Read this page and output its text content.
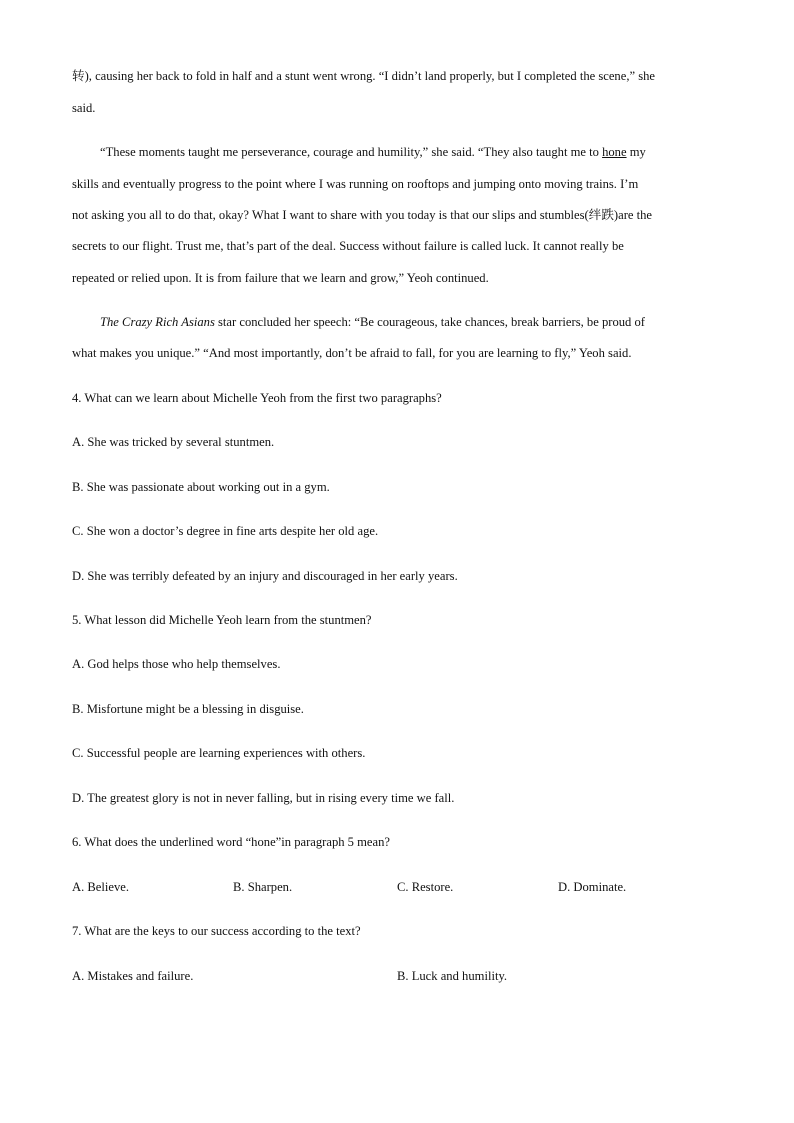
转), causing her back to fold in half and a stunt went wrong. “I didn’t land properly, but I completed the scene,” she
said.
“These moments taught me perseverance, courage and humility,” she said. “They also taught me to hone my
skills and eventually progress to the point where I was running on rooftops and jumping onto moving trains. I’m
not asking you all to do that, okay? What I want to share with you today is that our slips and stumbles(绊跌)are the
secrets to our flight. Trust me, that’s part of the deal. Success without failure is called luck. It cannot really be
repeated or relied upon. It is from failure that we learn and grow,” Yeoh continued.
The Crazy Rich Asians star concluded her speech: “Be courageous, take chances, break barriers, be proud of
what makes you unique.” “And most importantly, don’t be afraid to fall, for you are learning to fly,” Yeoh said.
4. What can we learn about Michelle Yeoh from the first two paragraphs?
A. She was tricked by several stuntmen.
B. She was passionate about working out in a gym.
C. She won a doctor’s degree in fine arts despite her old age.
D. She was terribly defeated by an injury and discouraged in her early years.
5. What lesson did Michelle Yeoh learn from the stuntmen?
A. God helps those who help themselves.
B. Misfortune might be a blessing in disguise.
C. Successful people are learning experiences with others.
D. The greatest glory is not in never falling, but in rising every time we fall.
6. What does the underlined word “hone”in paragraph 5 mean?
A. Believe.	B. Sharpen.	C. Restore.	D. Dominate.
7. What are the keys to our success according to the text?
A. Mistakes and failure.	B. Luck and humility.
